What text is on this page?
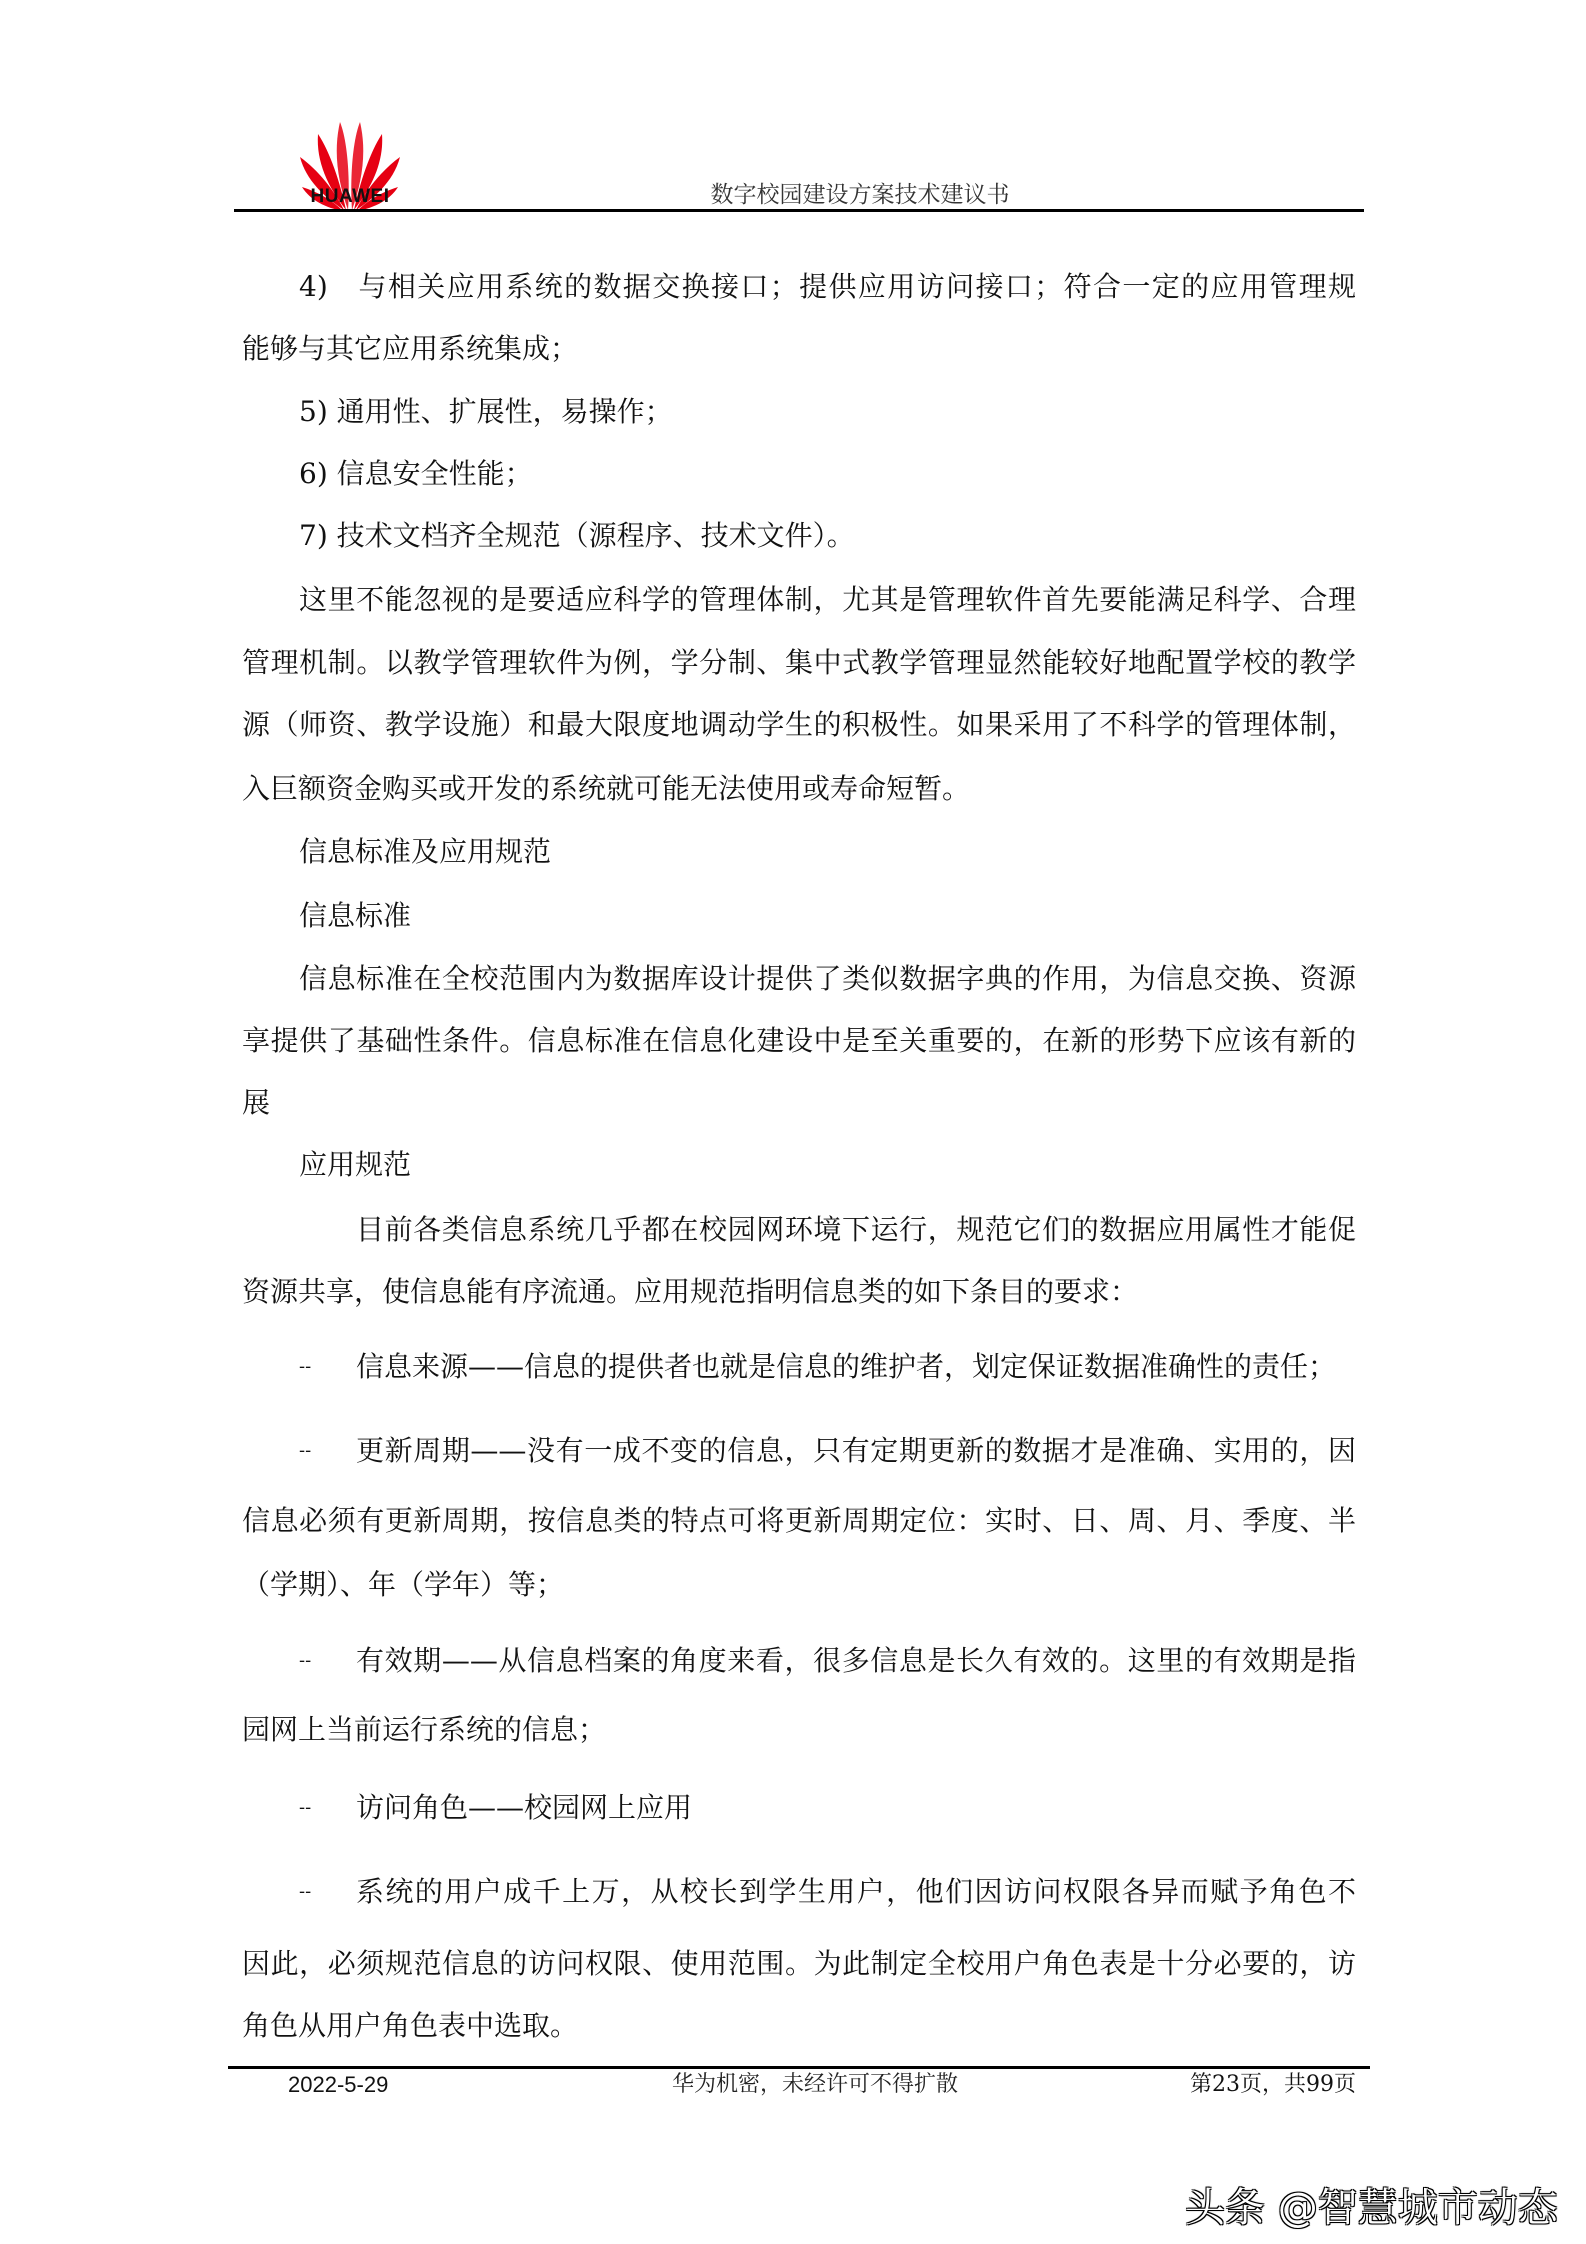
HUAWEI	数字校园建设方案技术建议书
4)　与相关应用系统的数据交换接口；提供应用访问接口；符合一定的应用管理规
能够与其它应用系统集成；
5) 通用性、扩展性，易操作；
6) 信息安全性能；
7) 技术文档齐全规范（源程序、技术文件）。
这里不能忽视的是要适应科学的管理体制，尤其是管理软件首先要能满足科学、合理
管理机制。以教学管理软件为例，学分制、集中式教学管理显然能较好地配置学校的教学
源（师资、教学设施）和最大限度地调动学生的积极性。如果采用了不科学的管理体制，
入巨额资金购买或开发的系统就可能无法使用或寿命短暂。
信息标准及应用规范
信息标准
信息标准在全校范围内为数据库设计提供了类似数据字典的作用，为信息交换、资源
享提供了基础性条件。信息标准在信息化建设中是至关重要的，在新的形势下应该有新的
展
应用规范
目前各类信息系统几乎都在校园网环境下运行，规范它们的数据应用属性才能促
资源共享，使信息能有序流通。应用规范指明信息类的如下条目的要求：
信息来源——信息的提供者也就是信息的维护者，划定保证数据准确性的责任；
--
更新周期——没有一成不变的信息，只有定期更新的数据才是准确、实用的，因
--
信息必须有更新周期，按信息类的特点可将更新周期定位：实时、日、周、月、季度、半
（学期）、年（学年）等；
有效期——从信息档案的角度来看，很多信息是长久有效的。这里的有效期是指
--
园网上当前运行系统的信息；
访问角色——校园网上应用
--
系统的用户成千上万，从校长到学生用户，他们因访问权限各异而赋予角色不
--
因此，必须规范信息的访问权限、使用范围。为此制定全校用户角色表是十分必要的，访
角色从用户角色表中选取。
2022-5-29	华为机密，未经许可不得扩散	第23页，共99页
头条 @智慧城市动态
